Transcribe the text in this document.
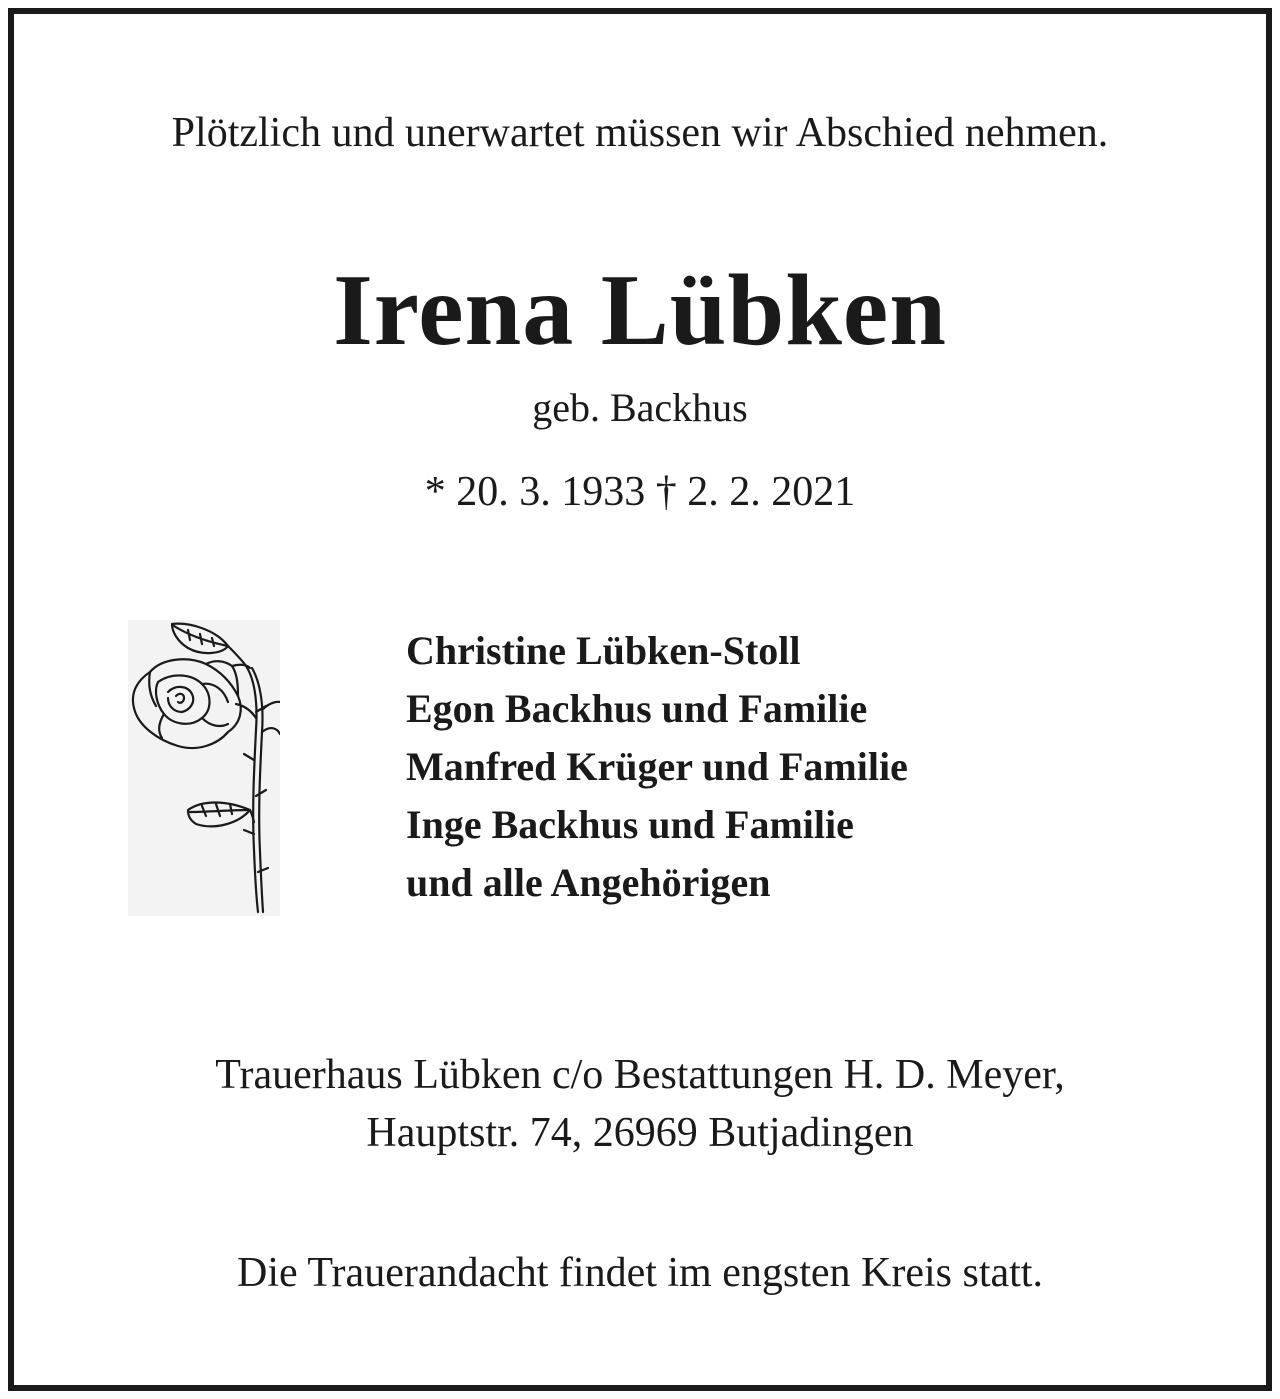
Plötzlich und unerwartet müssen wir Abschied nehmen.
Irena Lübken
geb. Backhus
* 20. 3. 1933 † 2. 2. 2021
Christine Lübken-Stoll
Egon Backhus und Familie
Manfred Krüger und Familie
Inge Backhus und Familie
und alle Angehörigen
Trauerhaus Lübken c/o Bestattungen H. D. Meyer,
Hauptstr. 74, 26969 Butjadingen
Die Trauerandacht findet im engsten Kreis statt.
